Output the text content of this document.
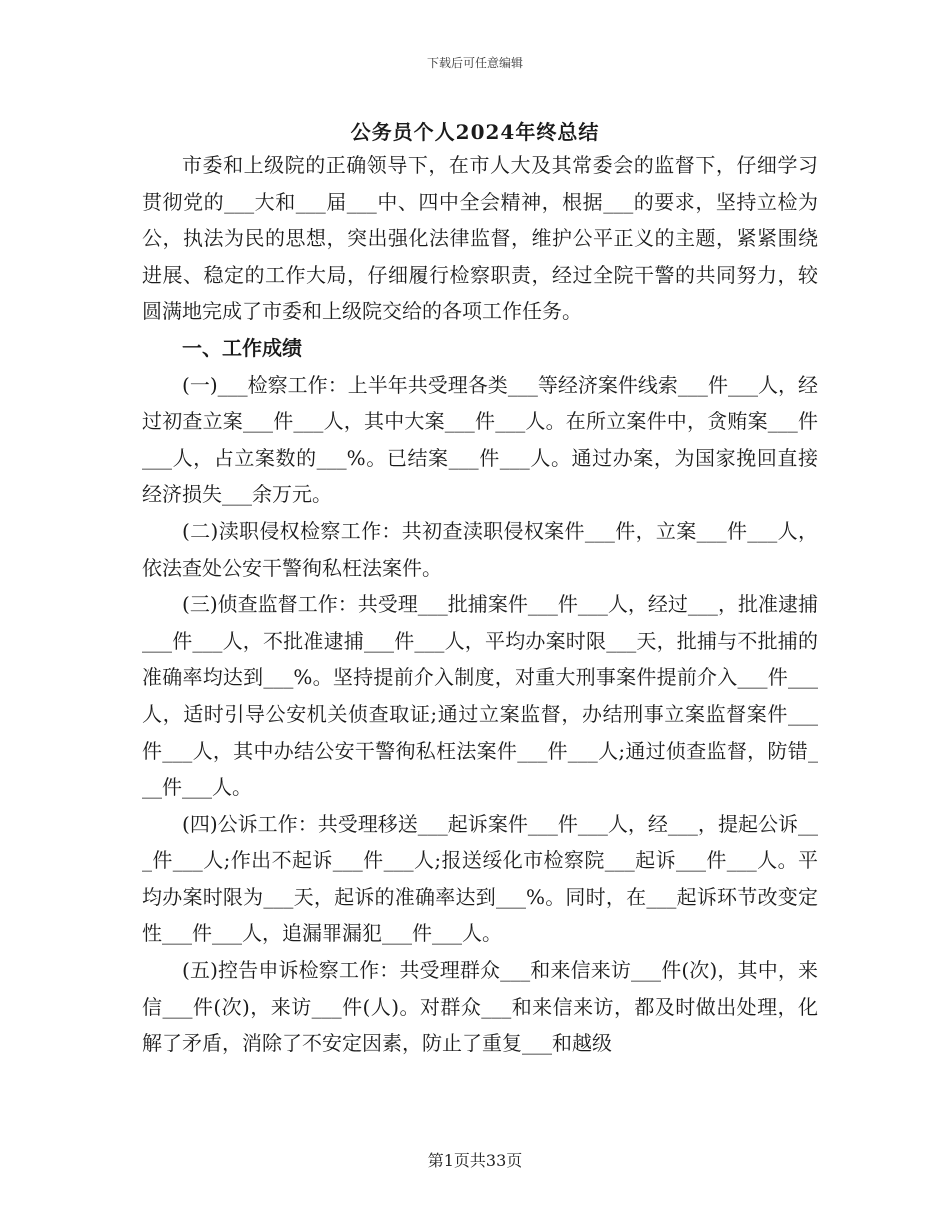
下载后可任意编辑
公务员个人2024年终总结

市委和上级院的正确领导下，在市人大及其常委会的监督下，仔细学习贯彻党的___大和___届___中、四中全会精神，根据___的要求，坚持立检为公，执法为民的思想，突出强化法律监督，维护公平正义的主题，紧紧围绕进展、稳定的工作大局，仔细履行检察职责，经过全院干警的共同努力，较圆满地完成了市委和上级院交给的各项工作任务。

一、工作成绩

(一)___检察工作：上半年共受理各类___等经济案件线索___件___人，经过初查立案___件___人，其中大案___件___人。在所立案件中，贪贿案___件___人，占立案数的___%。已结案___件___人。通过办案，为国家挽回直接经济损失___余万元。

(二)渎职侵权检察工作：共初查渎职侵权案件___件，立案___件___人，依法查处公安干警徇私枉法案件。

(三)侦查监督工作：共受理___批捕案件___件___人，经过___，批准逮捕___件___人，不批准逮捕___件___人，平均办案时限___天，批捕与不批捕的准确率均达到___%。坚持提前介入制度，对重大刑事案件提前介入___件___人，适时引导公安机关侦查取证;通过立案监督，办结刑事立案监督案件___件___人，其中办结公安干警徇私枉法案件___件___人;通过侦查监督，防错___件___人。

(四)公诉工作：共受理移送___起诉案件___件___人，经___，提起公诉___件___人;作出不起诉___件___人;报送绥化市检察院___起诉___件___人。平均办案时限为___天，起诉的准确率达到___%。同时，在___起诉环节改变定性___件___人，追漏罪漏犯___件___人。

(五)控告申诉检察工作：共受理群众___和来信来访___件(次)，其中，来信___件(次)，来访___件(人)。对群众___和来信来访，都及时做出处理，化解了矛盾，消除了不安定因素，防止了重复___和越级

第1页共33页
